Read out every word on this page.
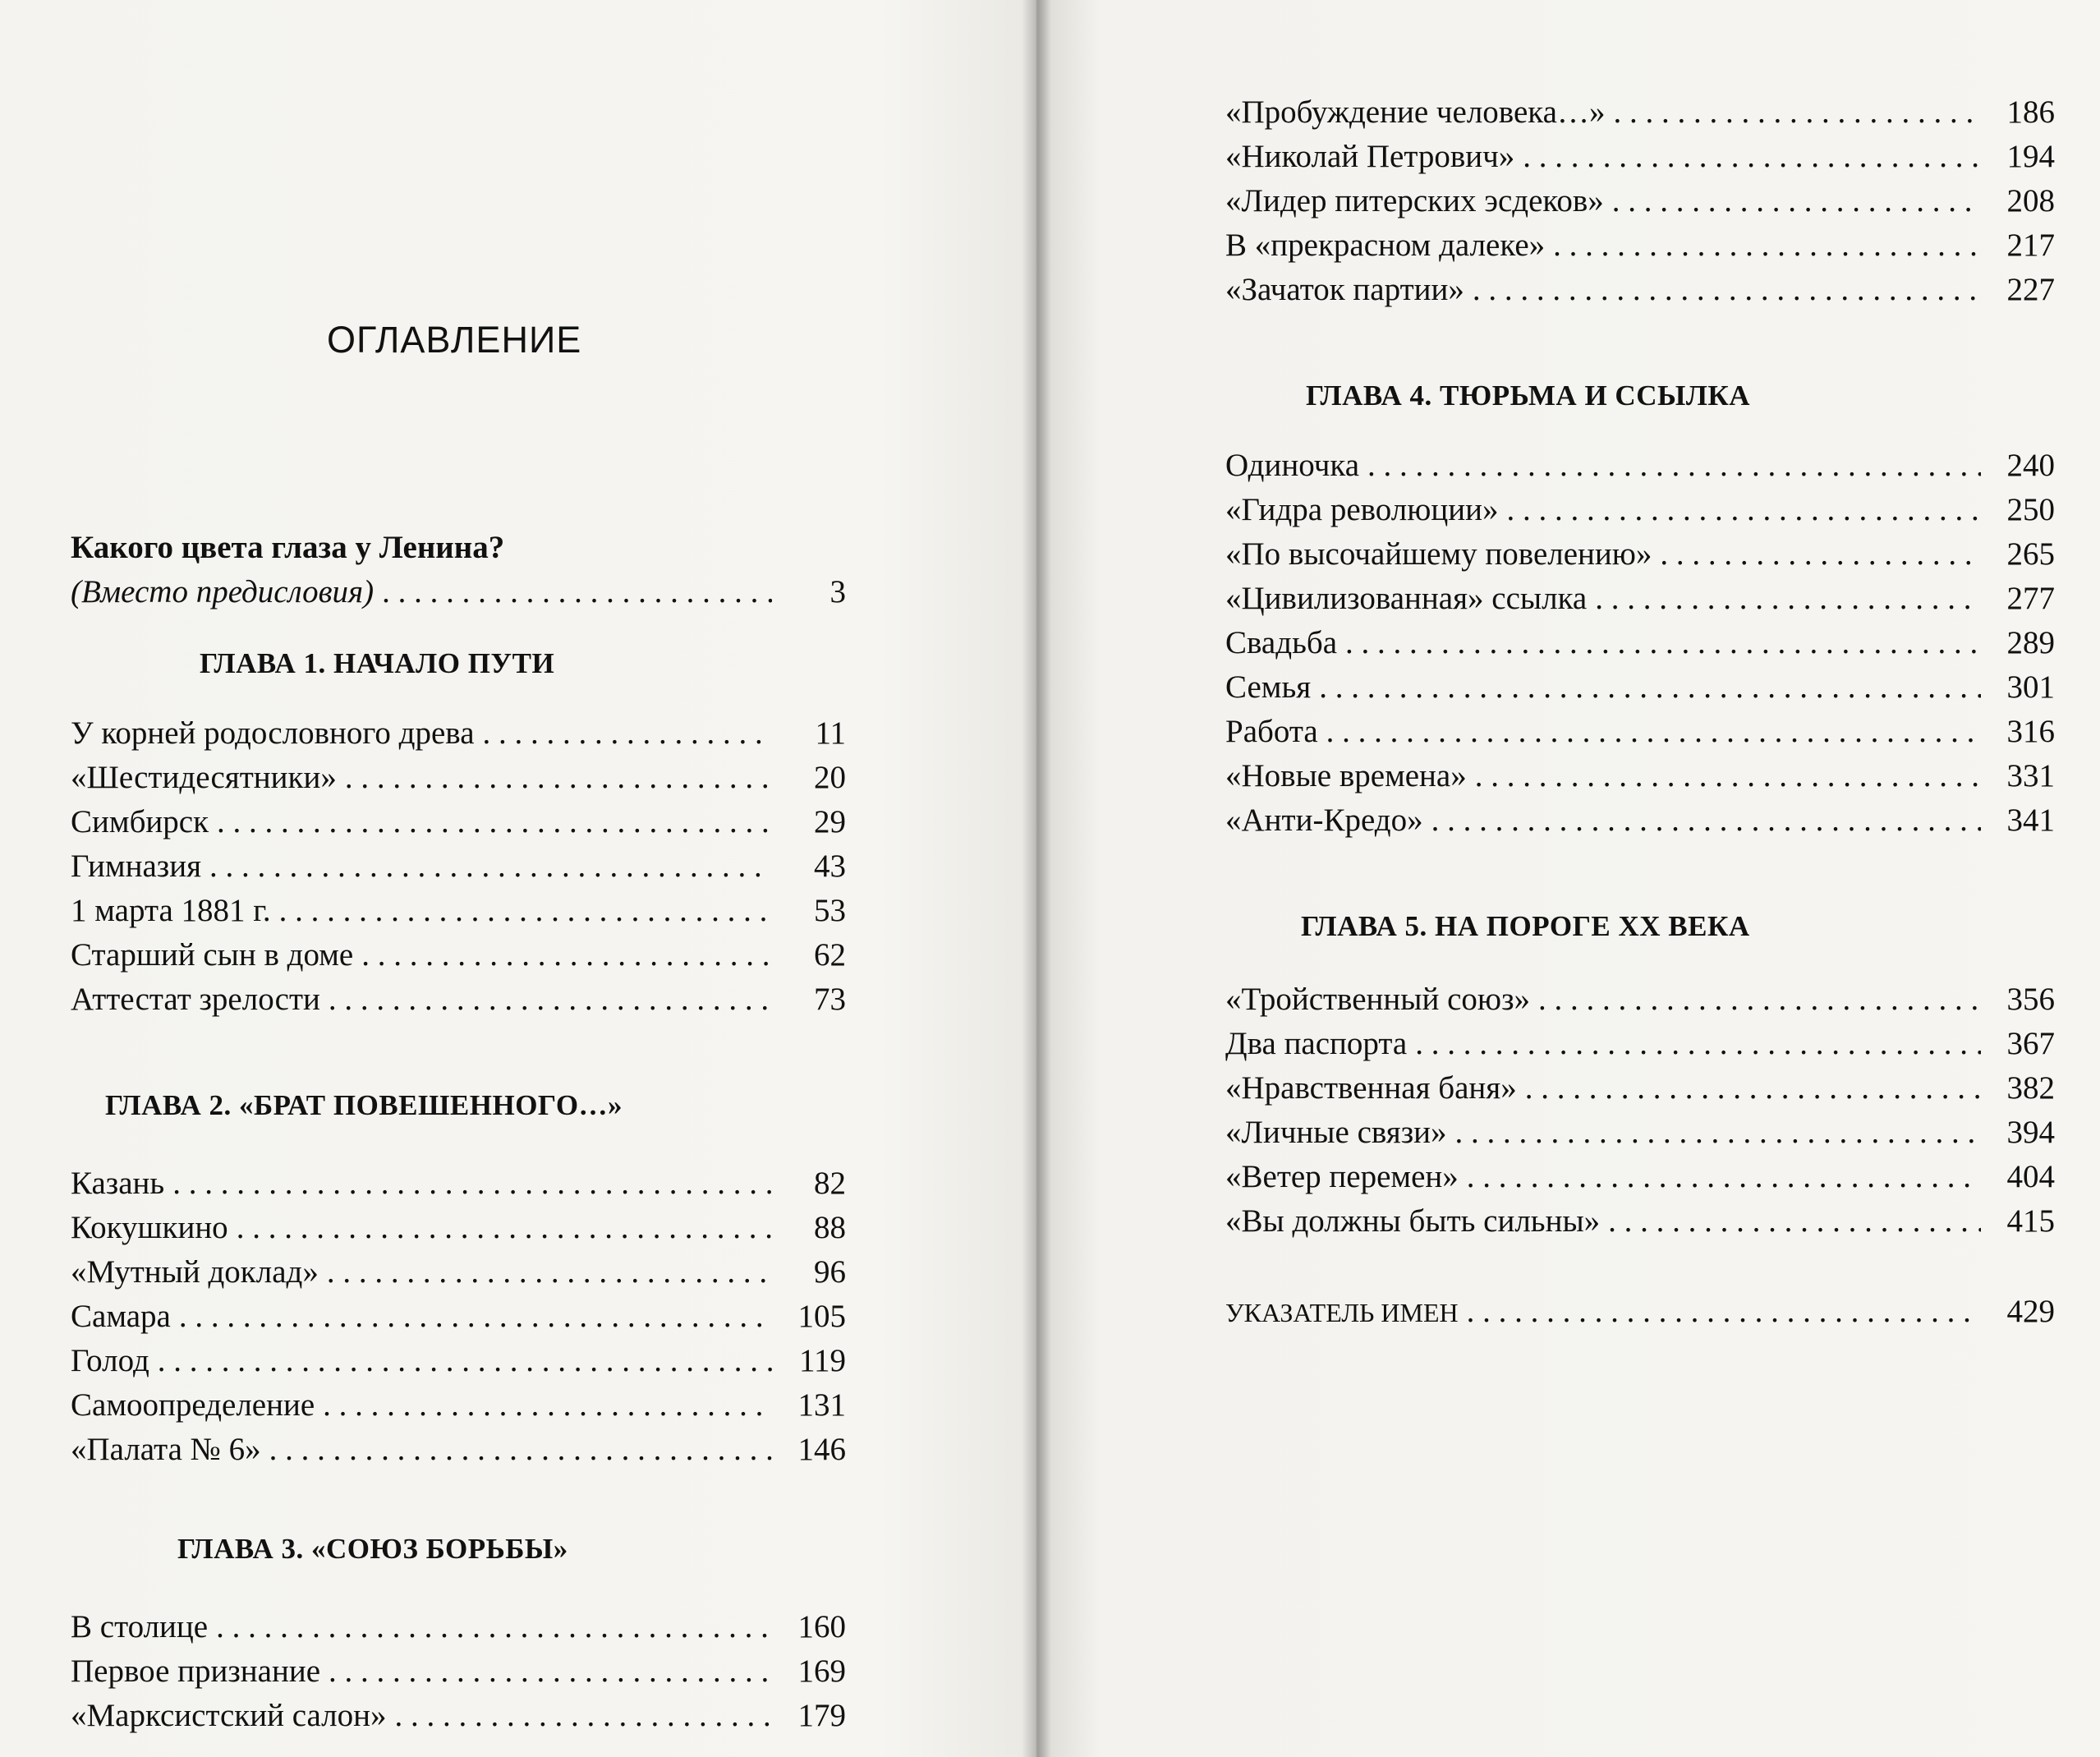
ОГЛАВЛЕНИЕ
Какого цвета глаза у Ленина?
(Вместо предисловия) . . .	3
ГЛАВА 1. НАЧАЛО ПУТИ
У корней родословного древа . . .	11
«Шестидесятники» . . .	20
Симбирск . . .	29
Гимназия . . .	43
1 марта 1881 г. . . .	53
Старший сын в доме . . .	62
Аттестат зрелости . . .	73
ГЛАВА 2. «БРАТ ПОВЕШЕННОГО…»
Казань . . .	82
Кокушкино . . .	88
«Мутный доклад» . . .	96
Самара . . .	105
Голод . . .	119
Самоопределение . . .	131
«Палата № 6» . . .	146
ГЛАВА 3. «СОЮЗ БОРЬБЫ»
В столице . . .	160
Первое признание . . .	169
«Марксистский салон» . . .	179
«Пробуждение человека…» . . .	186
«Николай Петрович» . . .	194
«Лидер питерских эсдеков» . . .	208
В «прекрасном далеке» . . .	217
«Зачаток партии» . . .	227
ГЛАВА 4. ТЮРЬМА И ССЫЛКА
Одиночка . . .	240
«Гидра революции» . . .	250
«По высочайшему повелению» . . .	265
«Цивилизованная» ссылка . . .	277
Свадьба . . .	289
Семья . . .	301
Работа . . .	316
«Новые времена» . . .	331
«Анти-Кредо» . . .	341
ГЛАВА 5. НА ПОРОГЕ XX ВЕКА
«Тройственный союз» . . .	356
Два паспорта . . .	367
«Нравственная баня» . . .	382
«Личные связи» . . .	394
«Ветер перемен» . . .	404
«Вы должны быть сильны» . . .	415
УКАЗАТЕЛЬ ИМЕН . . .	429
